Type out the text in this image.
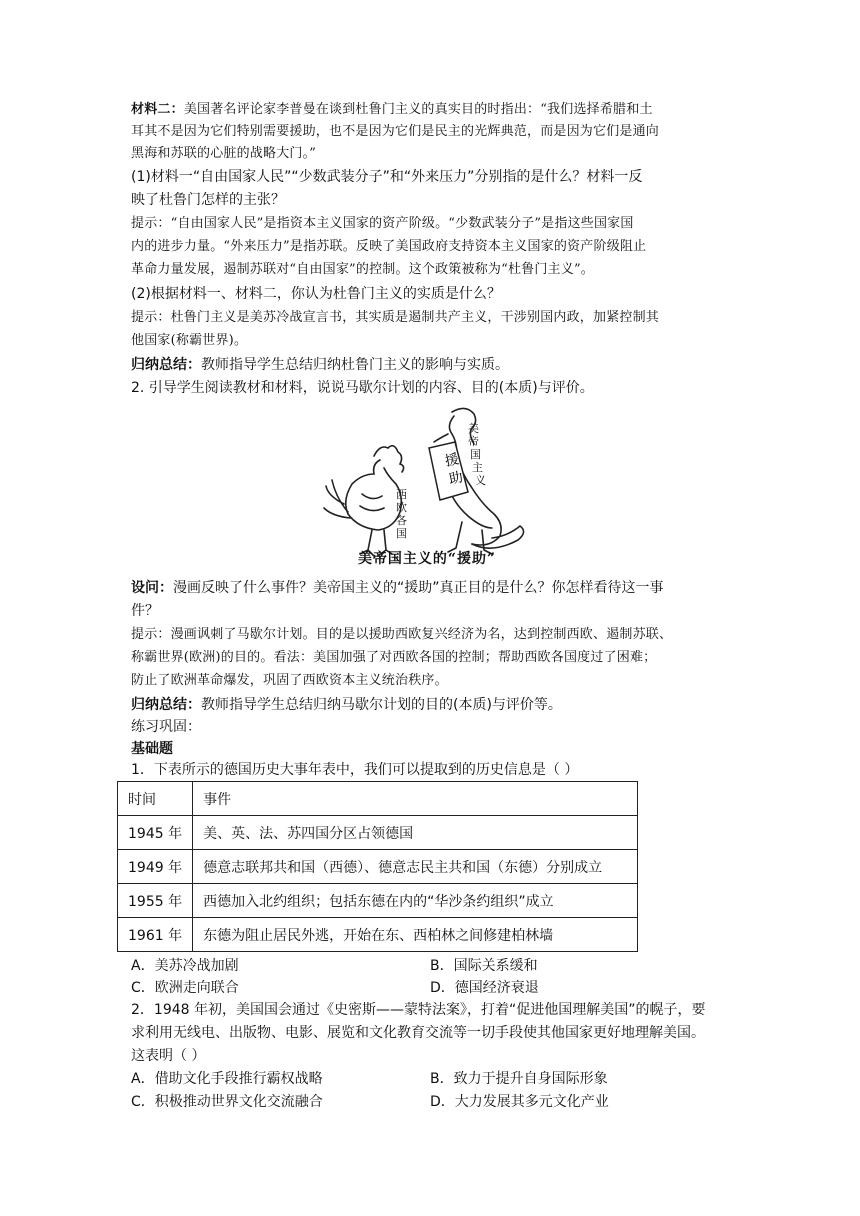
材料二：美国著名评论家李普曼在谈到杜鲁门主义的真实目的时指出：“我们选择希腊和土
耳其不是因为它们特别需要援助，也不是因为它们是民主的光辉典范，而是因为它们是通向
黑海和苏联的心脏的战略大门。”
(1)材料一“自由国家人民”“少数武装分子”和“外来压力”分别指的是什么？材料一反
映了杜鲁门怎样的主张？
提示：“自由国家人民”是指资本主义国家的资产阶级。“少数武装分子”是指这些国家国
内的进步力量。“外来压力”是指苏联。反映了美国政府支持资本主义国家的资产阶级阻止
革命力量发展，遏制苏联对“自由国家”的控制。这个政策被称为“杜鲁门主义”。
(2)根据材料一、材料二，你认为杜鲁门主义的实质是什么？
提示：杜鲁门主义是美苏冷战宣言书，其实质是遏制共产主义，干涉别国内政，加紧控制其
他国家(称霸世界)。
归纳总结：教师指导学生总结归纳杜鲁门主义的影响与实质。
2. 引导学生阅读教材和材料，说说马歇尔计划的内容、目的(本质)与评价。
援
助
美
帝
国
主
义
西
欧
各
国
美帝国主义的“援助”
设问：漫画反映了什么事件？美帝国主义的“援助”真正目的是什么？你怎样看待这一事
件？
提示：漫画讽刺了马歇尔计划。目的是以援助西欧复兴经济为名，达到控制西欧、遏制苏联、
称霸世界(欧洲)的目的。看法：美国加强了对西欧各国的控制；帮助西欧各国度过了困难；
防止了欧洲革命爆发，巩固了西欧资本主义统治秩序。
归纳总结：教师指导学生总结归纳马歇尔计划的目的(本质)与评价等。
练习巩固：
基础题
1．下表所示的德国历史大事年表中，我们可以提取到的历史信息是（ ）
时间	事件
1945 年	美、英、法、苏四国分区占领德国
1949 年	德意志联邦共和国（西德）、德意志民主共和国（东德）分别成立
1955 年	西德加入北约组织；包括东德在内的“华沙条约组织”成立
1961 年	东德为阻止居民外逃，开始在东、西柏林之间修建柏林墙
A．美苏冷战加剧	B．国际关系缓和
C．欧洲走向联合	D．德国经济衰退
2．1948 年初，美国国会通过《史密斯——蒙特法案》，打着“促进他国理解美国”的幌子，要
求利用无线电、出版物、电影、展览和文化教育交流等一切手段使其他国家更好地理解美国。
这表明（ ）
A．借助文化手段推行霸权战略	B．致力于提升自身国际形象
C．积极推动世界文化交流融合	D．大力发展其多元文化产业
